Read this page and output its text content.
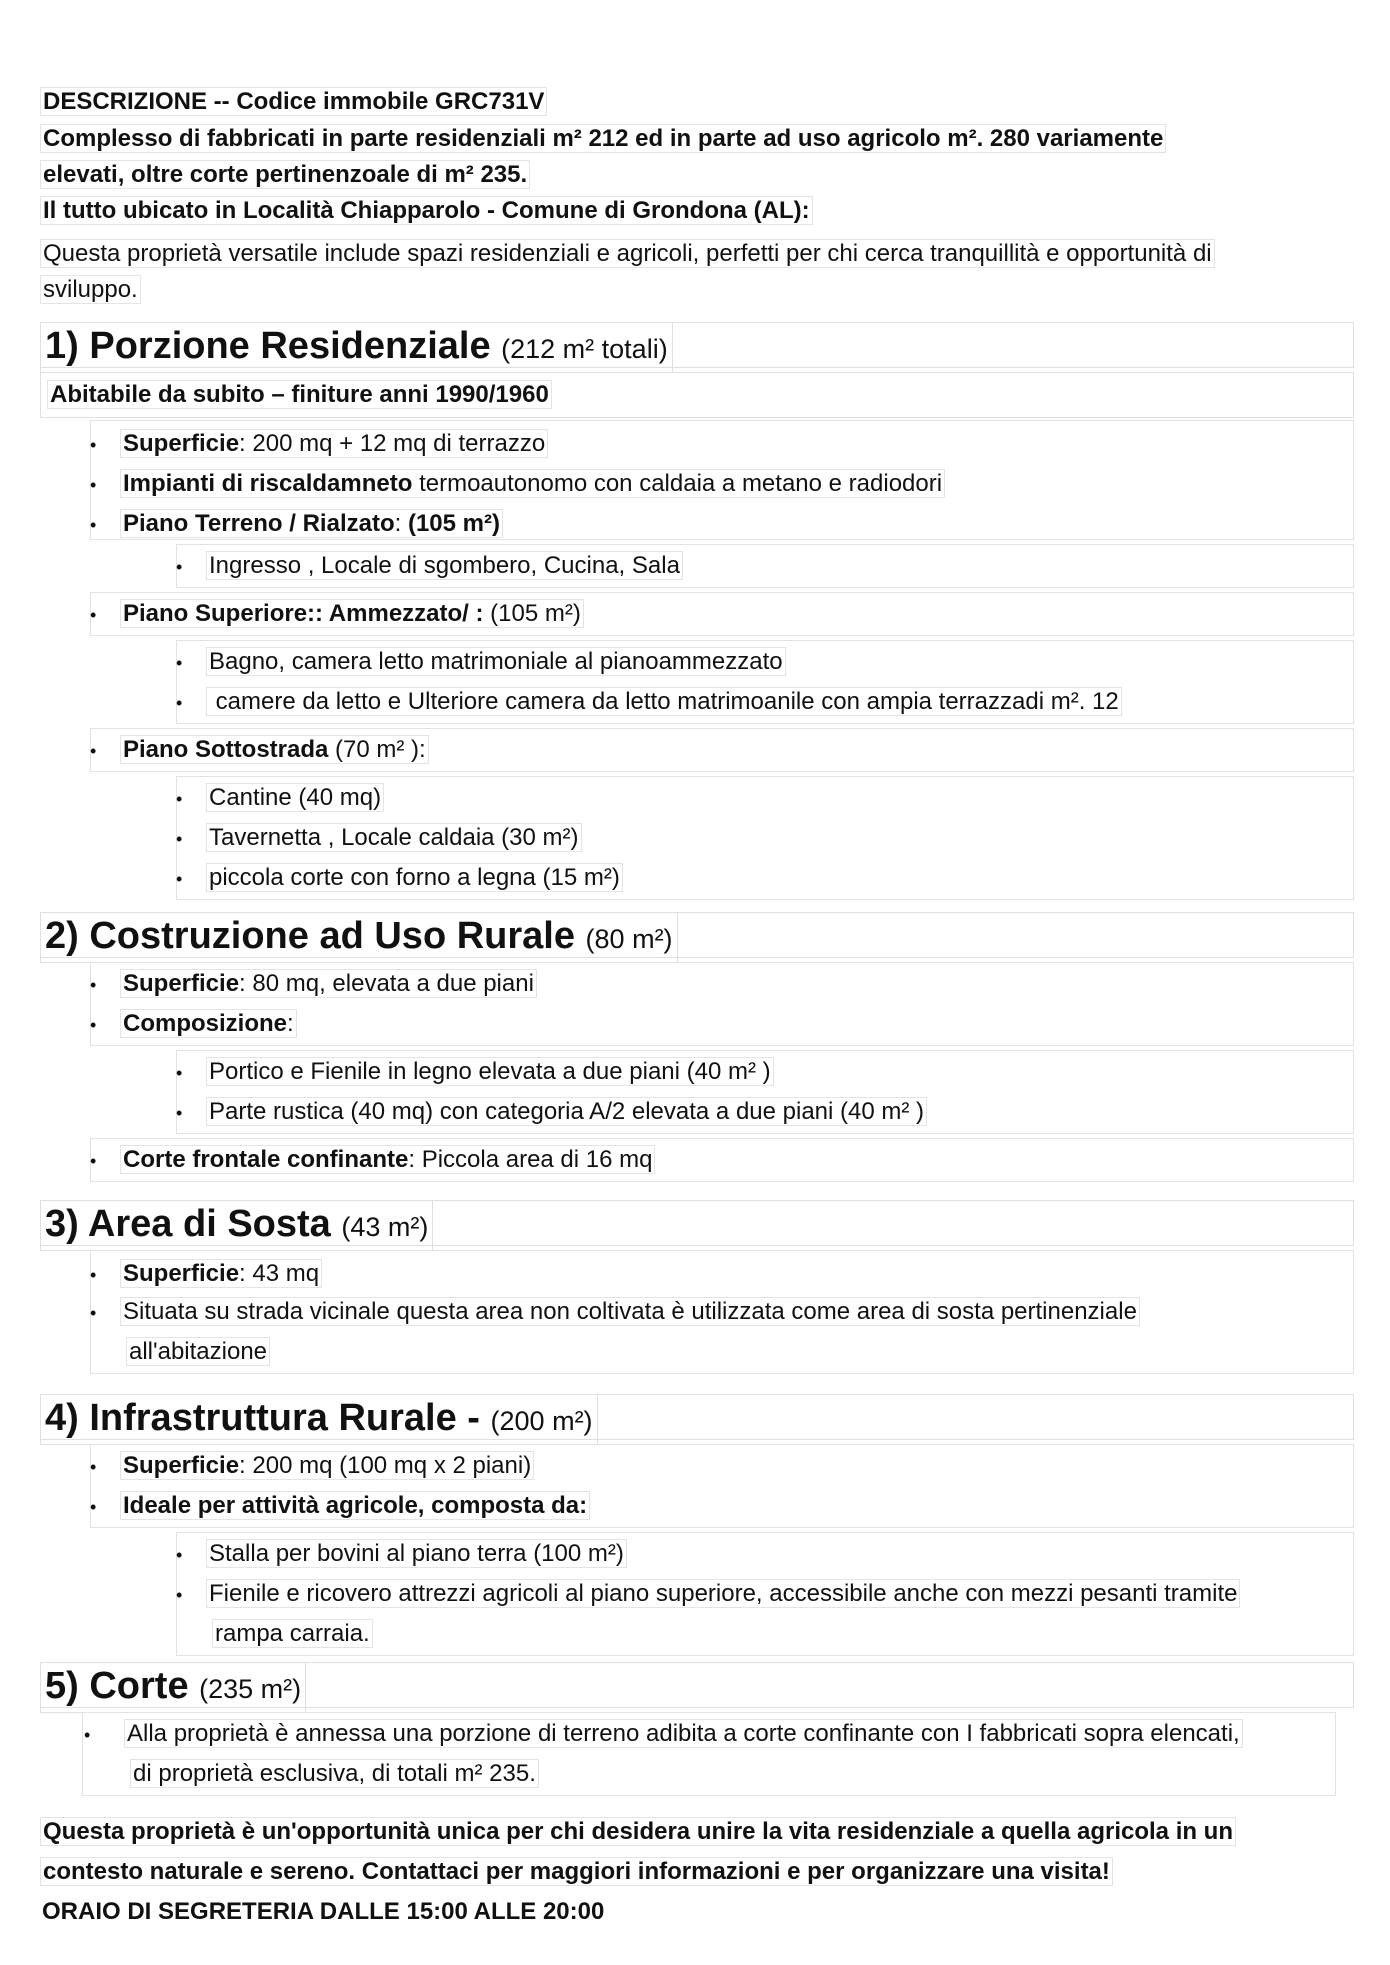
DESCRIZIONE -- Codice immobile GRC731V
Complesso di fabbricati in parte residenziali m² 212 ed in parte ad uso agricolo m². 280 variamente
elevati, oltre corte pertinenzoale di m² 235.
Il tutto ubicato in Località Chiapparolo - Comune di Grondona (AL):
Questa proprietà versatile include spazi residenziali e agricoli, perfetti per chi cerca tranquillità e opportunità di
sviluppo.
1) Porzione Residenziale (212 m² totali)
Abitabile da subito – finiture anni 1990/1960
• Superficie: 200 mq + 12 mq di terrazzo
• Impianti di riscaldamneto termoautonomo con caldaia a metano e radiodori
• Piano Terreno / Rialzato: (105 m²)
• Ingresso , Locale di sgombero, Cucina, Sala
• Piano Superiore:: Ammezzato/ : (105 m²)
• Bagno, camera letto matrimoniale al pianoammezzato
• camere da letto e Ulteriore camera da letto matrimoanile con ampia terrazzadi m². 12
• Piano Sottostrada (70 m² ):
• Cantine (40 mq)
• Tavernetta , Locale caldaia (30 m²)
• piccola corte con forno a legna (15 m²)
2) Costruzione ad Uso Rurale (80 m²)
• Superficie: 80 mq, elevata a due piani
• Composizione:
• Portico e Fienile in legno elevata a due piani (40 m² )
• Parte rustica (40 mq) con categoria A/2 elevata a due piani (40 m² )
• Corte frontale confinante: Piccola area di 16 mq
3) Area di Sosta (43 m²)
• Superficie: 43 mq
• Situata su strada vicinale questa area non coltivata è utilizzata come area di sosta pertinenziale
all'abitazione
4) Infrastruttura Rurale - (200 m²)
• Superficie: 200 mq (100 mq x 2 piani)
• Ideale per attività agricole, composta da:
• Stalla per bovini al piano terra (100 m²)
• Fienile e ricovero attrezzi agricoli al piano superiore, accessibile anche con mezzi pesanti tramite
rampa carraia.
5) Corte (235 m²)
• Alla proprietà è annessa una porzione di terreno adibita a corte confinante con I fabbricati sopra elencati,
di proprietà esclusiva, di totali m² 235.
Questa proprietà è un'opportunità unica per chi desidera unire la vita residenziale a quella agricola in un
contesto naturale e sereno. Contattaci per maggiori informazioni e per organizzare una visita!
ORAIO DI SEGRETERIA DALLE 15:00 ALLE 20:00
